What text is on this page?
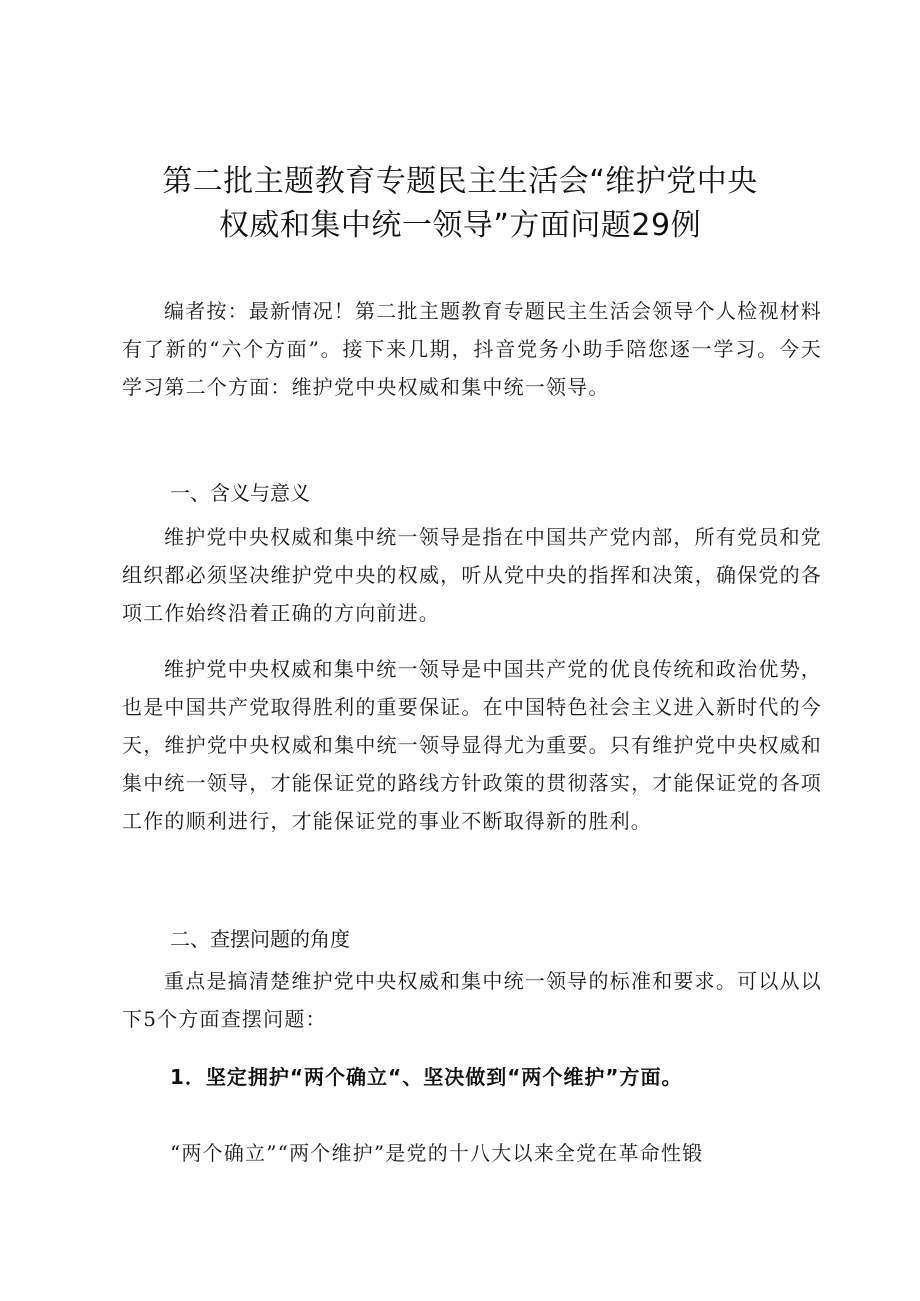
第二批主题教育专题民主生活会“维护党中央
权威和集中统一领导”方面问题29例

编者按：最新情况！第二批主题教育专题民主生活会领导个人检视材料有了新的“六个方面”。接下来几期，抖音党务小助手陪您逐一学习。今天学习第二个方面：维护党中央权威和集中统一领导。

一、含义与意义

维护党中央权威和集中统一领导是指在中国共产党内部，所有党员和党组织都必须坚决维护党中央的权威，听从党中央的指挥和决策，确保党的各项工作始终沿着正确的方向前进。

维护党中央权威和集中统一领导是中国共产党的优良传统和政治优势，也是中国共产党取得胜利的重要保证。在中国特色社会主义进入新时代的今天，维护党中央权威和集中统一领导显得尤为重要。只有维护党中央权威和集中统一领导，才能保证党的路线方针政策的贯彻落实，才能保证党的各项工作的顺利进行，才能保证党的事业不断取得新的胜利。

二、查摆问题的角度

重点是搞清楚维护党中央权威和集中统一领导的标准和要求。可以从以下5个方面查摆问题：

1．坚定拥护“两个确立“、坚决做到“两个维护”方面。

“两个确立”“两个维护”是党的十八大以来全党在革命性锻
